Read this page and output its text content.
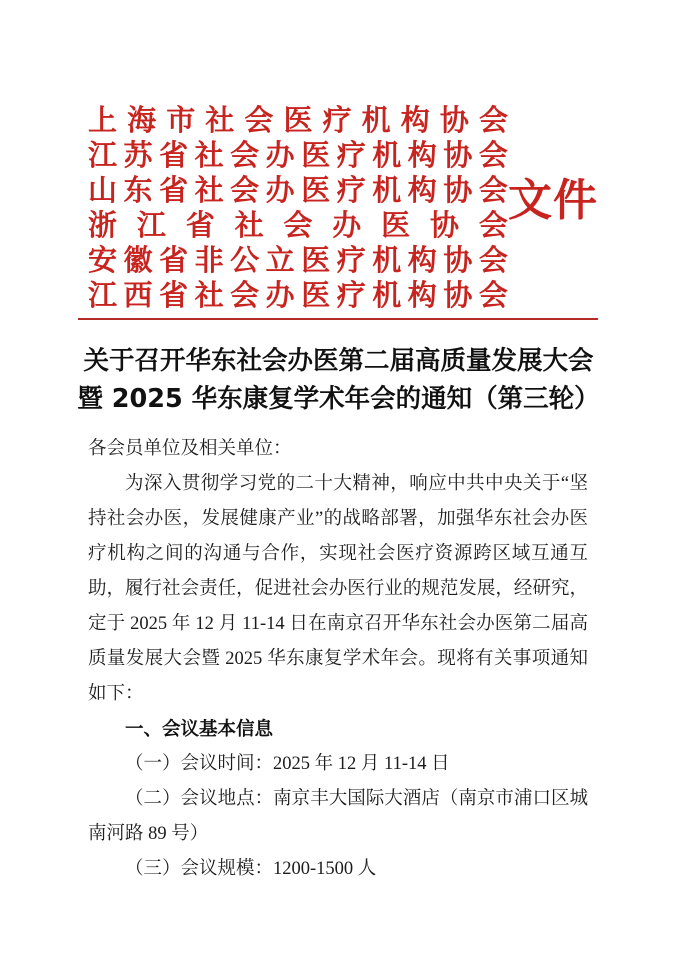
上 海 市 社 会 医 疗 机 构 协 会
江 苏 省 社 会 办 医 疗 机 构 协 会
山 东 省 社 会 办 医 疗 机 构 协 会
浙 江 省 社 会 办 医 协 会
安 徽 省 非 公 立 医 疗 机 构 协 会
江 西 省 社 会 办 医 疗 机 构 协 会
文件
关于召开华东社会办医第二届高质量发展大会
暨 2025 华东康复学术年会的通知（第三轮）

各会员单位及相关单位：

为深入贯彻学习党的二十大精神，响应中共中央关于“坚持社会办医，发展健康产业”的战略部署，加强华东社会办医疗机构之间的沟通与合作，实现社会医疗资源跨区域互通互助，履行社会责任，促进社会办医行业的规范发展，经研究，定于 2025 年 12 月 11-14 日在南京召开华东社会办医第二届高质量发展大会暨 2025 华东康复学术年会。现将有关事项通知如下：

一、会议基本信息

（一）会议时间：2025 年 12 月 11-14 日

（二）会议地点：南京丰大国际大酒店（南京市浦口区城南河路 89 号）

（三）会议规模：1200-1500 人
